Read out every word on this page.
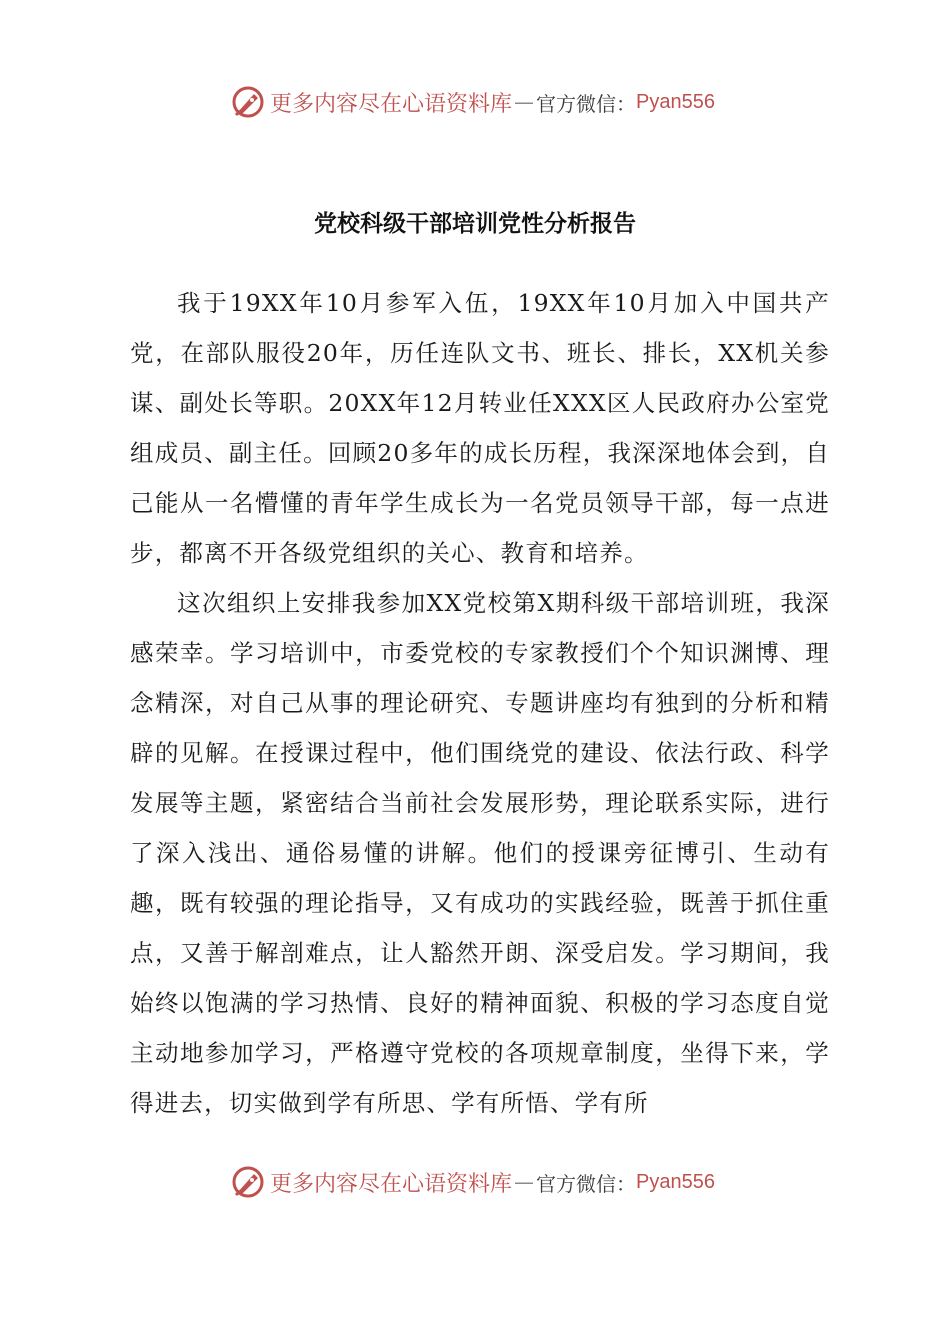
更多内容尽在心语资料库 — 官方微信： Pyan556
党校科级干部培训党性分析报告

我于19XX年10月参军入伍，19XX年10月加入中国共产党，在部队服役20年，历任连队文书、班长、排长，XX机关参谋、副处长等职。20XX年12月转业任XXX区人民政府办公室党组成员、副主任。回顾20多年的成长历程，我深深地体会到，自己能从一名懵懂的青年学生成长为一名党员领导干部，每一点进步，都离不开各级党组织的关心、教育和培养。

这次组织上安排我参加XX党校第X期科级干部培训班，我深感荣幸。学习培训中，市委党校的专家教授们个个知识渊博、理念精深，对自己从事的理论研究、专题讲座均有独到的分析和精辟的见解。在授课过程中，他们围绕党的建设、依法行政、科学发展等主题，紧密结合当前社会发展形势，理论联系实际，进行了深入浅出、通俗易懂的讲解。他们的授课旁征博引、生动有趣，既有较强的理论指导，又有成功的实践经验，既善于抓住重点，又善于解剖难点，让人豁然开朗、深受启发。学习期间，我始终以饱满的学习热情、良好的精神面貌、积极的学习态度自觉主动地参加学习，严格遵守党校的各项规章制度，坐得下来，学得进去，切实做到学有所思、学有所悟、学有所

更多内容尽在心语资料库 — 官方微信： Pyan556
